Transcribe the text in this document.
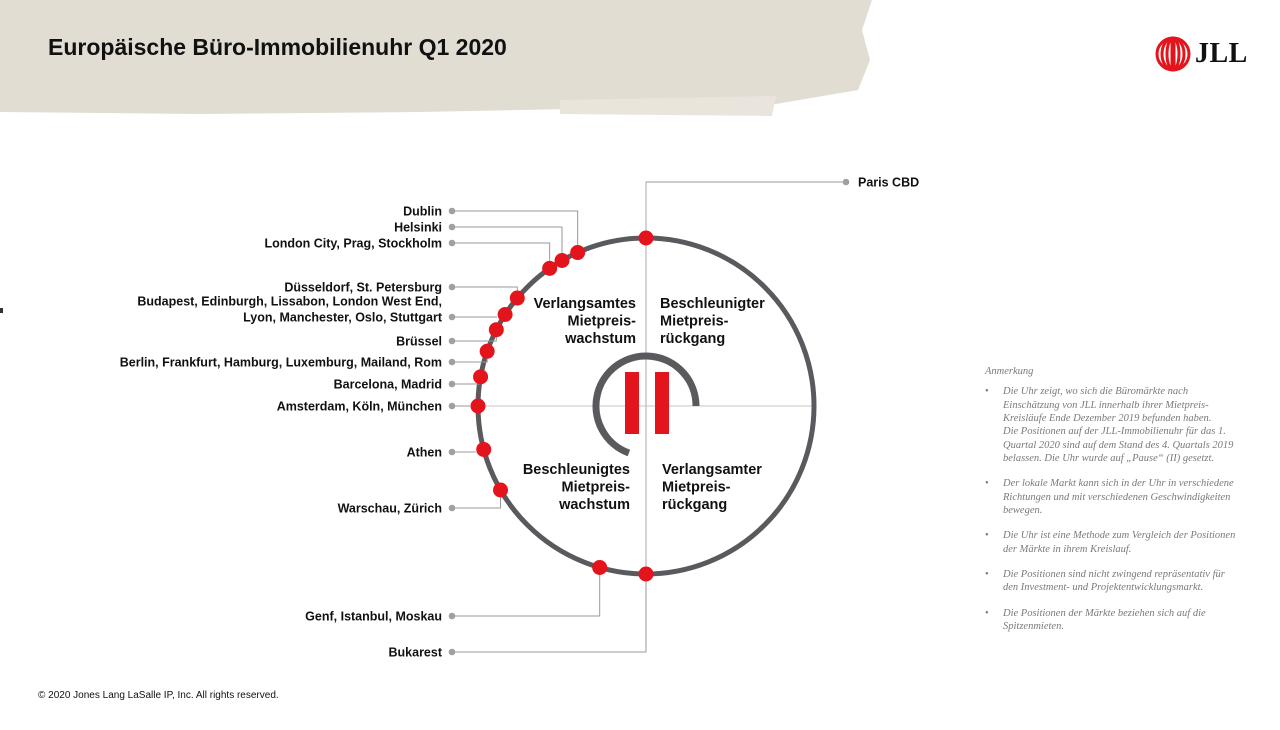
Europäische Büro-Immobilienuhr Q1 2020	JLL
Verlangsamtes
Mietpreis-
wachstum
Beschleunigter
Mietpreis-
rückgang
Beschleunigtes
Mietpreis-
wachstum
Verlangsamter
Mietpreis-
rückgang
Dublin
Helsinki
London City, Prag, Stockholm
Düsseldorf, St. Petersburg
Budapest, Edinburgh, Lissabon, London West End,
Lyon, Manchester, Oslo, Stuttgart
Brüssel
Berlin, Frankfurt, Hamburg, Luxemburg, Mailand, Rom
Barcelona, Madrid
Amsterdam, Köln, München
Athen
Warschau, Zürich
Genf, Istanbul, Moskau
Bukarest
Paris CBD
Anmerkung

• Die Uhr zeigt, wo sich die Büromärkte nach Einschätzung von JLL innerhalb ihrer Mietpreis-Kreisläufe Ende Dezember 2019 befunden haben.

Die Positionen auf der JLL-Immobilienuhr für das 1. Quartal 2020 sind auf dem Stand des 4. Quartals 2019 belassen. Die Uhr wurde auf „Pause“ (II) gesetzt.

• Der lokale Markt kann sich in der Uhr in verschiedene Richtungen und mit verschiedenen Geschwindigkeiten bewegen.

• Die Uhr ist eine Methode zum Vergleich der Positionen der Märkte in ihrem Kreislauf.

• Die Positionen sind nicht zwingend repräsentativ für den Investment- und Projektentwicklungsmarkt.

• Die Positionen der Märkte beziehen sich auf die Spitzenmieten.

© 2020 Jones Lang LaSalle IP, Inc. All rights reserved.
